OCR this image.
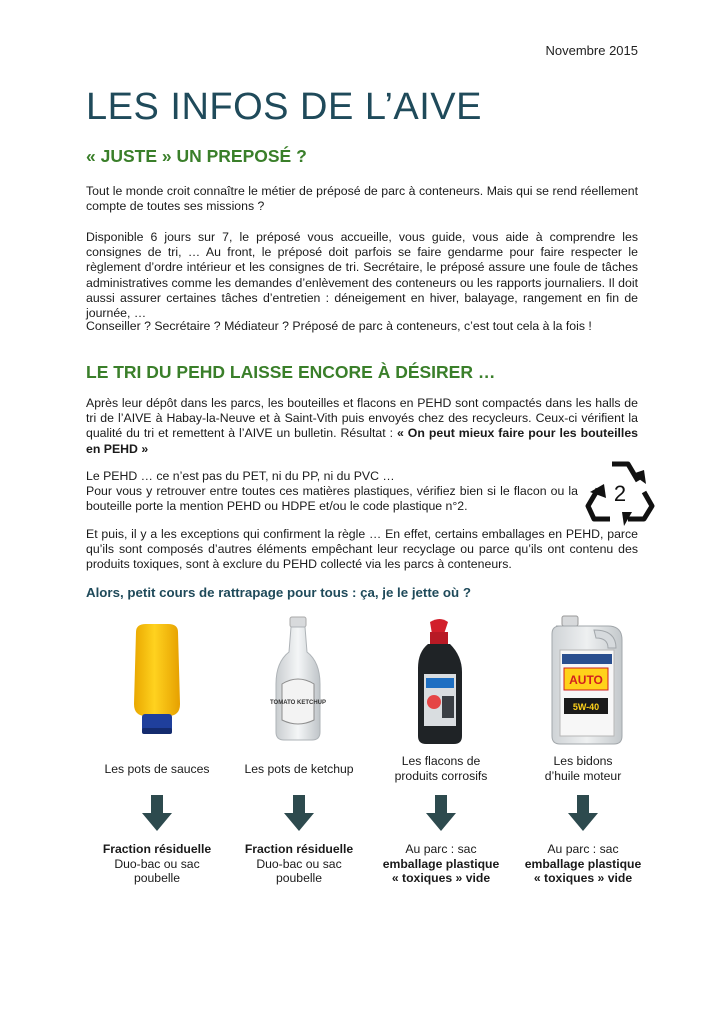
Novembre 2015
LES INFOS DE L’AIVE
« JUSTE » UN PREPOSÉ ?

Tout le monde croit connaître le métier de préposé de parc à conteneurs. Mais qui se rend réellement compte de toutes ses missions ?

Disponible 6 jours sur 7, le préposé vous accueille, vous guide, vous aide à comprendre les consignes de tri, … Au front, le préposé doit parfois se faire gendarme pour faire respecter le règlement d’ordre intérieur et les consignes de tri. Secrétaire, le préposé assure une foule de tâches administratives comme les demandes d’enlèvement des conteneurs ou les rapports journaliers. Il doit aussi assurer certaines tâches d’entretien : déneigement en hiver, balayage, rangement en fin de journée, …

Conseiller ? Secrétaire ? Médiateur ? Préposé de parc à conteneurs, c’est tout cela à la fois !

LE TRI DU PEHD LAISSE ENCORE À DÉSIRER …

Après leur dépôt dans les parcs, les bouteilles et flacons en PEHD sont compactés dans les halls de tri de l’AIVE à Habay-la-Neuve et à Saint-Vith puis envoyés chez des recycleurs. Ceux-ci vérifient la qualité du tri et remettent à l’AIVE un bulletin. Résultat : « On peut mieux faire pour les bouteilles en PEHD »

Le PEHD … ce n’est pas du PET, ni du PP, ni du PVC …
Pour vous y retrouver entre toutes ces matières plastiques, vérifiez bien si le flacon ou la bouteille porte la mention PEHD ou HDPE et/ou le code plastique n°2.

2

Et puis, il y a les exceptions qui confirment la règle … En effet, certains emballages en PEHD, parce qu’ils sont composés d’autres éléments empêchant leur recyclage ou parce qu’ils ont contenu des produits toxiques, sont à exclure du PEHD collecté via les parcs à conteneurs.

Alors, petit cours de rattrapage pour tous : ça, je le jette où ?
Les pots de sauces
Fraction résiduelle
Duo-bac ou sac
poubelle
TOMATO KETCHUP
Les pots de ketchup
Fraction résiduelle
Duo-bac ou sac
poubelle
Les flacons de
produits corrosifs
Au parc : sac
emballage plastique
« toxiques » vide
AUTO
5W-40
Les bidons
d’huile moteur
Au parc : sac
emballage plastique
« toxiques » vide
